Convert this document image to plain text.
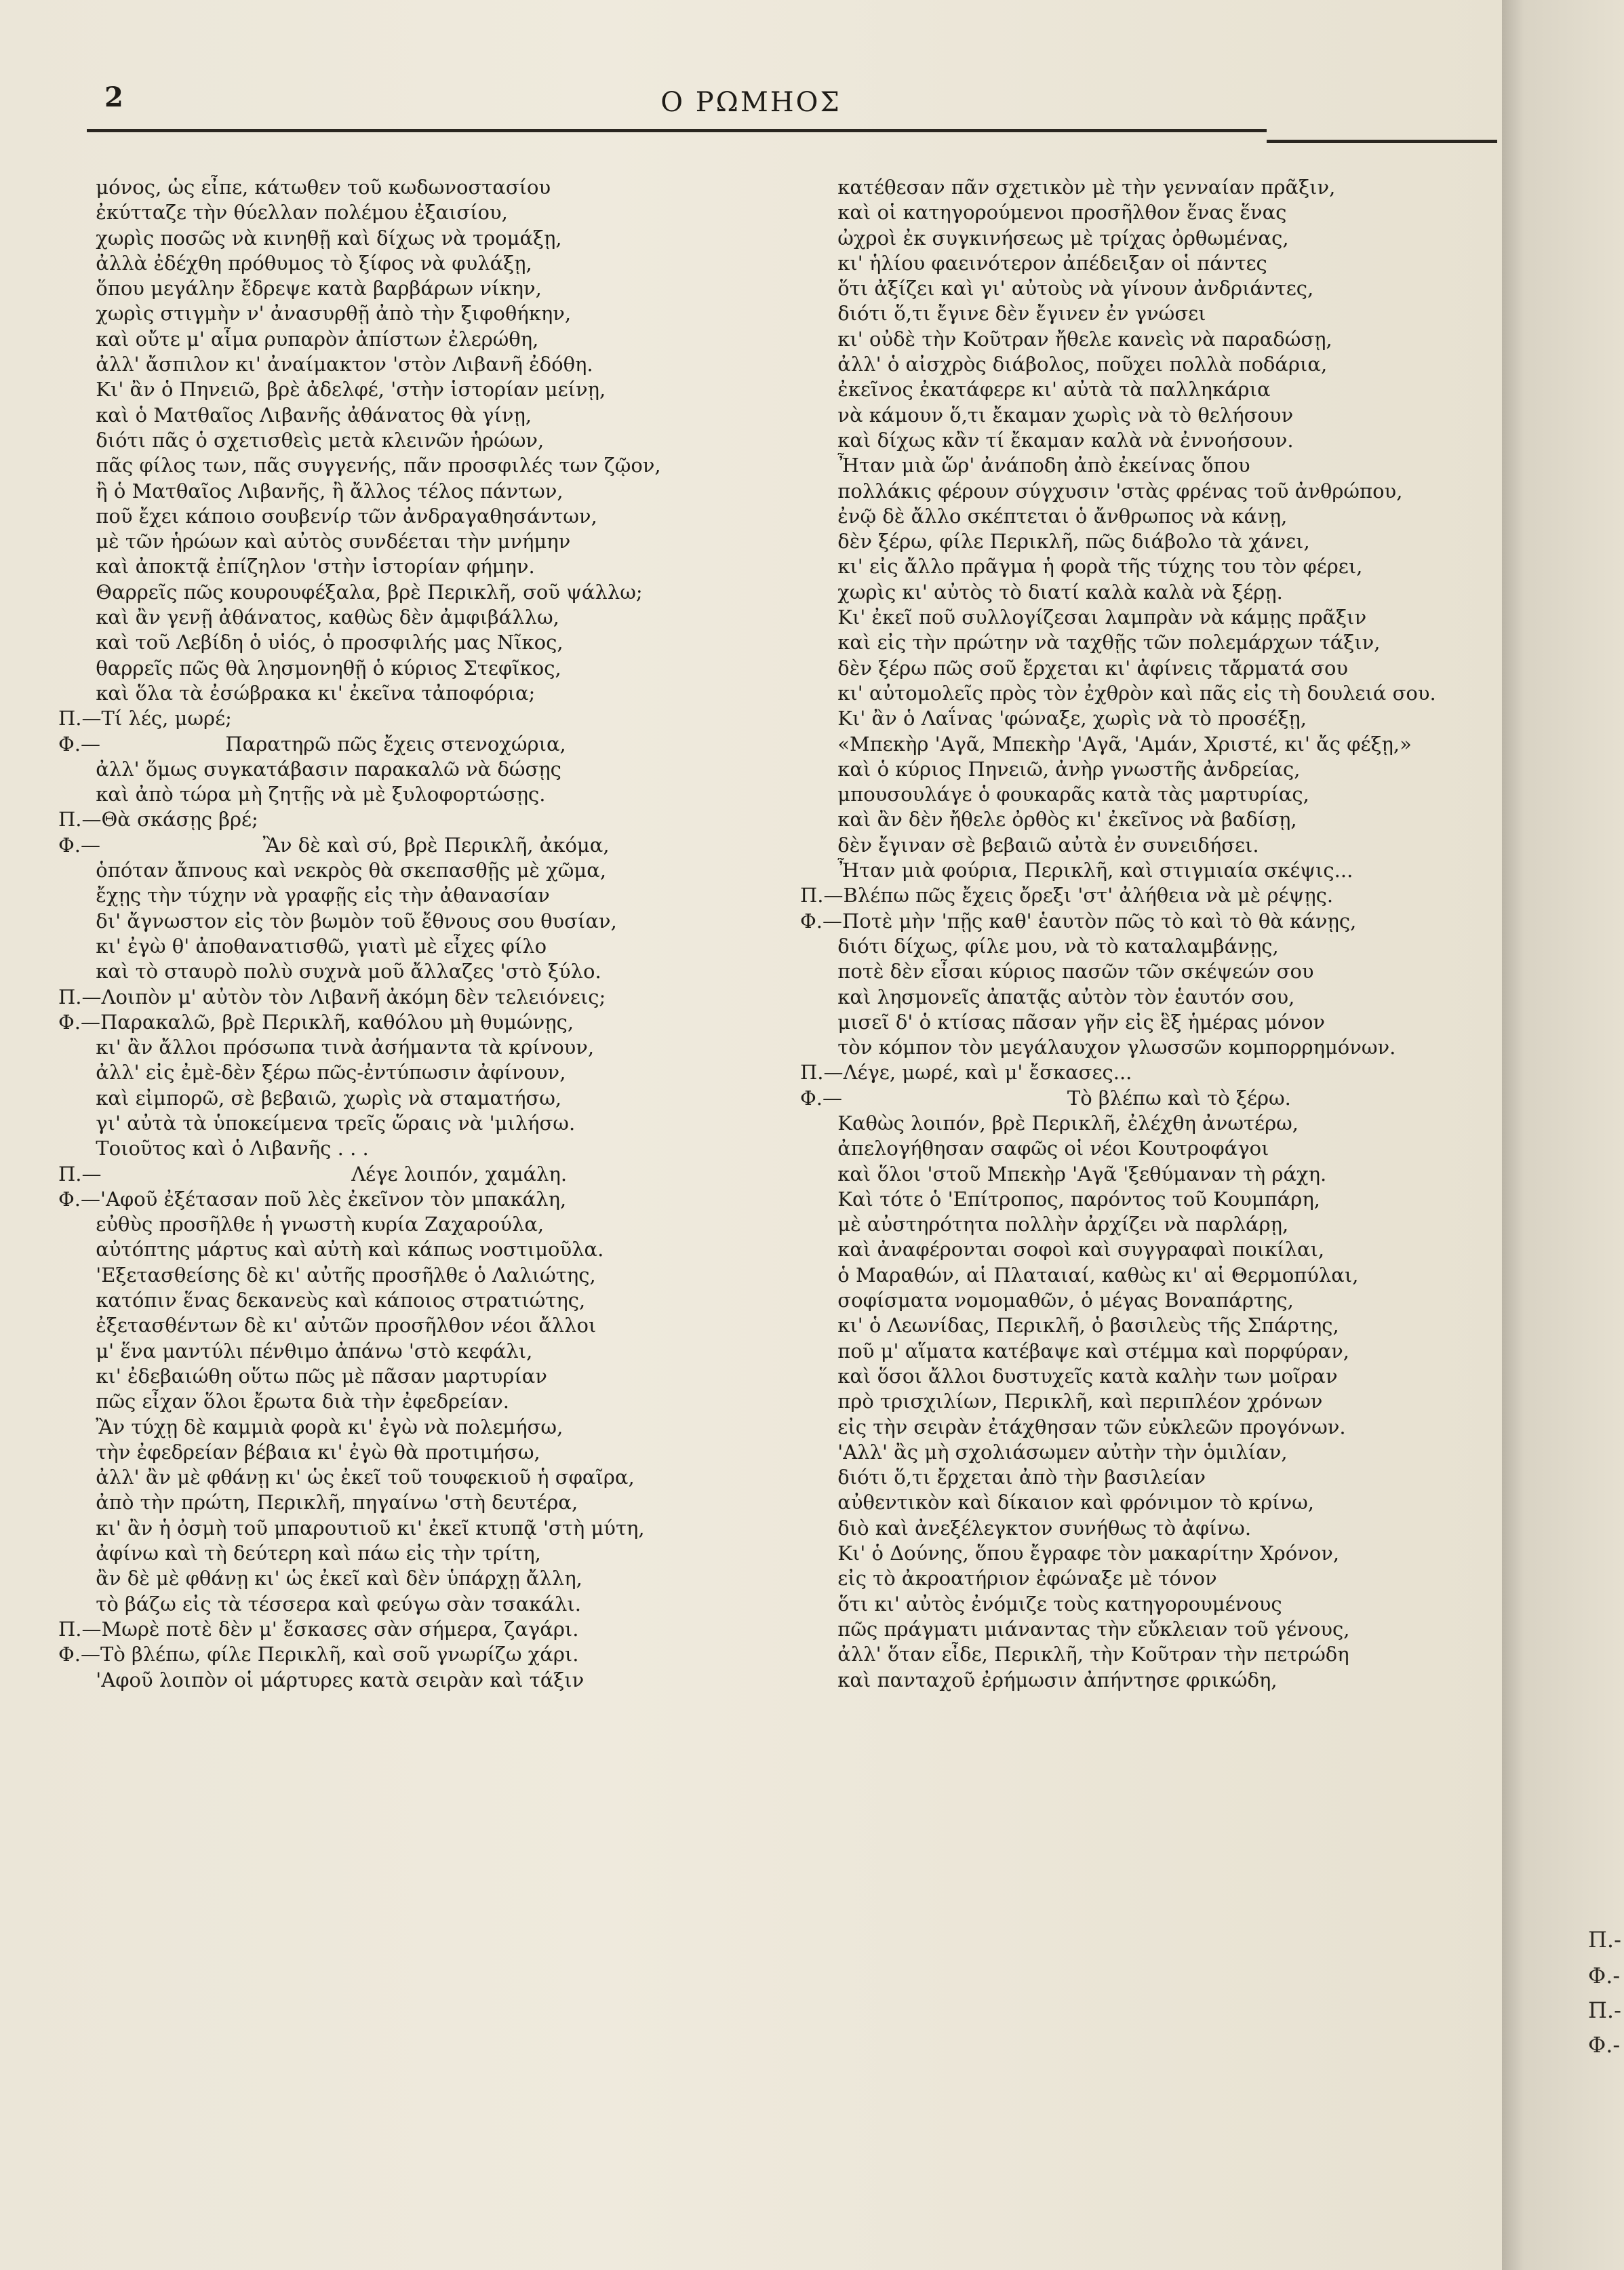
2	Ο ΡΩΜΗΟΣ
μόνος, ὡς εἶπε, κάτωθεν τοῦ κωδωνοστασίου
ἐκύτταζε τὴν θύελλαν πολέμου ἐξαισίου,
χωρὶς ποσῶς νὰ κινηθῇ καὶ δίχως νὰ τρομάξῃ,
ἀλλὰ ἐδέχθη πρόθυμος τὸ ξίφος νὰ φυλάξῃ,
ὅπου μεγάλην ἔδρεψε κατὰ βαρβάρων νίκην,
χωρὶς στιγμὴν ν' ἀνασυρθῇ ἀπὸ τὴν ξιφοθήκην,
καὶ οὔτε μ' αἷμα ρυπαρὸν ἀπίστων ἐλερώθη,
ἀλλ' ἄσπιλον κι' ἀναίμακτον 'στὸν Λιβανῆ ἐδόθη.
Κι' ἂν ὁ Πηνειῶ, βρὲ ἀδελφέ, 'στὴν ἱστορίαν μείνῃ,
καὶ ὁ Ματθαῖος Λιβανῆς ἀθάνατος θὰ γίνῃ,
διότι πᾶς ὁ σχετισθεὶς μετὰ κλεινῶν ἡρώων,
πᾶς φίλος των, πᾶς συγγενής, πᾶν προσφιλές των ζῷον,
ἢ ὁ Ματθαῖος Λιβανῆς, ἢ ἄλλος τέλος πάντων,
ποῦ ἔχει κάποιο σουβενίρ τῶν ἀνδραγαθησάντων,
μὲ τῶν ἡρώων καὶ αὐτὸς συνδέεται τὴν μνήμην
καὶ ἀποκτᾷ ἐπίζηλον 'στὴν ἱστορίαν φήμην.
Θαρρεῖς πῶς κουρουφέξαλα, βρὲ Περικλῆ, σοῦ ψάλλω;
καὶ ἂν γενῇ ἀθάνατος, καθὼς δὲν ἀμφιβάλλω,
καὶ τοῦ Λεβίδη ὁ υἱός, ὁ προσφιλής μας Νῖκος,
θαρρεῖς πῶς θὰ λησμονηθῇ ὁ κύριος Στεφῖκος,
καὶ ὅλα τὰ ἐσώβρακα κι' ἐκεῖνα τἀποφόρια;
Π.—Τί λές, μωρέ;
Φ.—                    Παρατηρῶ πῶς ἔχεις στενοχώρια,
ἀλλ' ὅμως συγκατάβασιν παρακαλῶ νὰ δώσῃς
καὶ ἀπὸ τώρα μὴ ζητῇς νὰ μὲ ξυλοφορτώσῃς.
Π.—Θὰ σκάσῃς βρέ;
Φ.—                          Ἂν δὲ καὶ σύ, βρὲ Περικλῆ, ἀκόμα,
ὁπόταν ἄπνους καὶ νεκρὸς θὰ σκεπασθῇς μὲ χῶμα,
ἔχῃς τὴν τύχην νὰ γραφῇς εἰς τὴν ἀθανασίαν
δι' ἄγνωστον εἰς τὸν βωμὸν τοῦ ἔθνους σου θυσίαν,
κι' ἐγὼ θ' ἀποθανατισθῶ, γιατὶ μὲ εἶχες φίλο
καὶ τὸ σταυρὸ πολὺ συχνὰ μοῦ ἄλλαζες 'στὸ ξύλο.
Π.—Λοιπὸν μ' αὐτὸν τὸν Λιβανῆ ἀκόμη δὲν τελειόνεις;
Φ.—Παρακαλῶ, βρὲ Περικλῆ, καθόλου μὴ θυμώνῃς,
κι' ἂν ἄλλοι πρόσωπα τινὰ ἀσήμαντα τὰ κρίνουν,
ἀλλ' εἰς ἐμὲ-δὲν ξέρω πῶς-ἐντύπωσιν ἀφίνουν,
καὶ εἰμπορῶ, σὲ βεβαιῶ, χωρὶς νὰ σταματήσω,
γι' αὐτὰ τὰ ὑποκείμενα τρεῖς ὥραις νὰ 'μιλήσω.
Τοιοῦτος καὶ ὁ Λιβανῆς . . .
Π.—                                        Λέγε λοιπόν, χαμάλη.
Φ.—'Αφοῦ ἐξέτασαν ποῦ λὲς ἐκεῖνον τὸν μπακάλη,
εὐθὺς προσῆλθε ἡ γνωστὴ κυρία Ζαχαρούλα,
αὐτόπτης μάρτυς καὶ αὐτὴ καὶ κάπως νοστιμοῦλα.
'Εξετασθείσης δὲ κι' αὐτῆς προσῆλθε ὁ Λαλιώτης,
κατόπιν ἕνας δεκανεὺς καὶ κάποιος στρατιώτης,
ἐξετασθέντων δὲ κι' αὐτῶν προσῆλθον νέοι ἄλλοι
μ' ἕνα μαντύλι πένθιμο ἀπάνω 'στὸ κεφάλι,
κι' ἐδεβαιώθη οὕτω πῶς μὲ πᾶσαν μαρτυρίαν
πῶς εἶχαν ὅλοι ἔρωτα διὰ τὴν ἐφεδρείαν.
Ἂν τύχῃ δὲ καμμιὰ φορὰ κι' ἐγὼ νὰ πολεμήσω,
τὴν ἐφεδρείαν βέβαια κι' ἐγὼ θὰ προτιμήσω,
ἀλλ' ἂν μὲ φθάνῃ κι' ὡς ἐκεῖ τοῦ τουφεκιοῦ ἡ σφαῖρα,
ἀπὸ τὴν πρώτη, Περικλῆ, πηγαίνω 'στὴ δευτέρα,
κι' ἂν ἡ ὀσμὴ τοῦ μπαρουτιοῦ κι' ἐκεῖ κτυπᾷ 'στὴ μύτη,
ἀφίνω καὶ τὴ δεύτερη καὶ πάω εἰς τὴν τρίτη,
ἂν δὲ μὲ φθάνῃ κι' ὡς ἐκεῖ καὶ δὲν ὑπάρχῃ ἄλλη,
τὸ βάζω εἰς τὰ τέσσερα καὶ φεύγω σὰν τσακάλι.
Π.—Μωρὲ ποτὲ δὲν μ' ἔσκασες σὰν σήμερα, ζαγάρι.
Φ.—Τὸ βλέπω, φίλε Περικλῆ, καὶ σοῦ γνωρίζω χάρι.
'Αφοῦ λοιπὸν οἱ μάρτυρες κατὰ σειρὰν καὶ τάξιν
κατέθεσαν πᾶν σχετικὸν μὲ τὴν γενναίαν πρᾶξιν,
καὶ οἱ κατηγορούμενοι προσῆλθον ἕνας ἕνας
ὠχροὶ ἐκ συγκινήσεως μὲ τρίχας ὀρθωμένας,
κι' ἡλίου φαεινότερον ἀπέδειξαν οἱ πάντες
ὅτι ἀξίζει καὶ γι' αὐτοὺς νὰ γίνουν ἀνδριάντες,
διότι ὅ,τι ἔγινε δὲν ἔγινεν ἐν γνώσει
κι' οὐδὲ τὴν Κοῦτραν ἤθελε κανεὶς νὰ παραδώσῃ,
ἀλλ' ὁ αἰσχρὸς διάβολος, ποῦχει πολλὰ ποδάρια,
ἐκεῖνος ἐκατάφερε κι' αὐτὰ τὰ παλληκάρια
νὰ κάμουν ὅ,τι ἔκαμαν χωρὶς νὰ τὸ θελήσουν
καὶ δίχως κἂν τί ἔκαμαν καλὰ νὰ ἐννοήσουν.
Ἦταν μιὰ ὥρ' ἀνάποδη ἀπὸ ἐκείνας ὅπου
πολλάκις φέρουν σύγχυσιν 'στὰς φρένας τοῦ ἀνθρώπου,
ἐνῷ δὲ ἄλλο σκέπτεται ὁ ἄνθρωπος νὰ κάνῃ,
δὲν ξέρω, φίλε Περικλῆ, πῶς διάβολο τὰ χάνει,
κι' εἰς ἄλλο πρᾶγμα ἡ φορὰ τῆς τύχης του τὸν φέρει,
χωρὶς κι' αὐτὸς τὸ διατί καλὰ καλὰ νὰ ξέρῃ.
Κι' ἐκεῖ ποῦ συλλογίζεσαι λαμπρὰν νὰ κάμῃς πρᾶξιν
καὶ εἰς τὴν πρώτην νὰ ταχθῇς τῶν πολεμάρχων τάξιν,
δὲν ξέρω πῶς σοῦ ἔρχεται κι' ἀφίνεις τἄρματά σου
κι' αὐτομολεῖς πρὸς τὸν ἐχθρὸν καὶ πᾶς εἰς τὴ δουλειά σου.
Κι' ἂν ὁ Λαΐνας 'φώναξε, χωρὶς νὰ τὸ προσέξῃ,
«Μπεκὴρ 'Αγᾶ, Μπεκὴρ 'Αγᾶ, 'Αμάν, Χριστέ, κι' ἄς φέξῃ,»
καὶ ὁ κύριος Πηνειῶ, ἀνὴρ γνωστῆς ἀνδρείας,
μπουσουλάγε ὁ φουκαρᾶς κατὰ τὰς μαρτυρίας,
καὶ ἂν δὲν ἤθελε ὀρθὸς κι' ἐκεῖνος νὰ βαδίσῃ,
δὲν ἔγιναν σὲ βεβαιῶ αὐτὰ ἐν συνειδήσει.
Ἦταν μιὰ φούρια, Περικλῆ, καὶ στιγμιαία σκέψις...
Π.—Βλέπω πῶς ἔχεις ὄρεξι 'στ' ἀλήθεια νὰ μὲ ρέψῃς.
Φ.—Ποτὲ μὴν 'πῇς καθ' ἑαυτὸν πῶς τὸ καὶ τὸ θὰ κάνῃς,
διότι δίχως, φίλε μου, νὰ τὸ καταλαμβάνῃς,
ποτὲ δὲν εἶσαι κύριος πασῶν τῶν σκέψεών σου
καὶ λησμονεῖς ἀπατᾷς αὐτὸν τὸν ἑαυτόν σου,
μισεῖ δ' ὁ κτίσας πᾶσαν γῆν εἰς ἓξ ἡμέρας μόνον
τὸν κόμπον τὸν μεγάλαυχον γλωσσῶν κομπορρημόνων.
Π.—Λέγε, μωρέ, καὶ μ' ἔσκασες...
Φ.—                                    Τὸ βλέπω καὶ τὸ ξέρω.
Καθὼς λοιπόν, βρὲ Περικλῆ, ἐλέχθη ἀνωτέρω,
ἀπελογήθησαν σαφῶς οἱ νέοι Κουτροφάγοι
καὶ ὅλοι 'στοῦ Μπεκὴρ 'Αγᾶ 'ξεθύμαναν τὴ ράχη.
Καὶ τότε ὁ 'Επίτροπος, παρόντος τοῦ Κουμπάρη,
μὲ αὐστηρότητα πολλὴν ἀρχίζει νὰ παρλάρῃ,
καὶ ἀναφέρονται σοφοὶ καὶ συγγραφαὶ ποικίλαι,
ὁ Μαραθών, αἱ Πλαταιαί, καθὼς κι' αἱ Θερμοπύλαι,
σοφίσματα νομομαθῶν, ὁ μέγας Βοναπάρτης,
κι' ὁ Λεωνίδας, Περικλῆ, ὁ βασιλεὺς τῆς Σπάρτης,
ποῦ μ' αἵματα κατέβαψε καὶ στέμμα καὶ πορφύραν,
καὶ ὅσοι ἄλλοι δυστυχεῖς κατὰ καλὴν των μοῖραν
πρὸ τρισχιλίων, Περικλῆ, καὶ περιπλέον χρόνων
εἰς τὴν σειρὰν ἐτάχθησαν τῶν εὐκλεῶν προγόνων.
'Αλλ' ἂς μὴ σχολιάσωμεν αὐτὴν τὴν ὁμιλίαν,
διότι ὅ,τι ἔρχεται ἀπὸ τὴν βασιλείαν
αὐθεντικὸν καὶ δίκαιον καὶ φρόνιμον τὸ κρίνω,
διὸ καὶ ἀνεξέλεγκτον συνήθως τὸ ἀφίνω.
Κι' ὁ Δούνης, ὅπου ἔγραφε τὸν μακαρίτην Χρόνον,
εἰς τὸ ἀκροατήριον ἐφώναξε μὲ τόνον
ὅτι κι' αὐτὸς ἐνόμιζε τοὺς κατηγορουμένους
πῶς πράγματι μιάναντας τὴν εὔκλειαν τοῦ γένους,
ἀλλ' ὅταν εἶδε, Περικλῆ, τὴν Κοῦτραν τὴν πετρώδη
καὶ πανταχοῦ ἐρήμωσιν ἀπήντησε φρικώδη,
Π.-
Φ.-
Π.-
Φ.-
